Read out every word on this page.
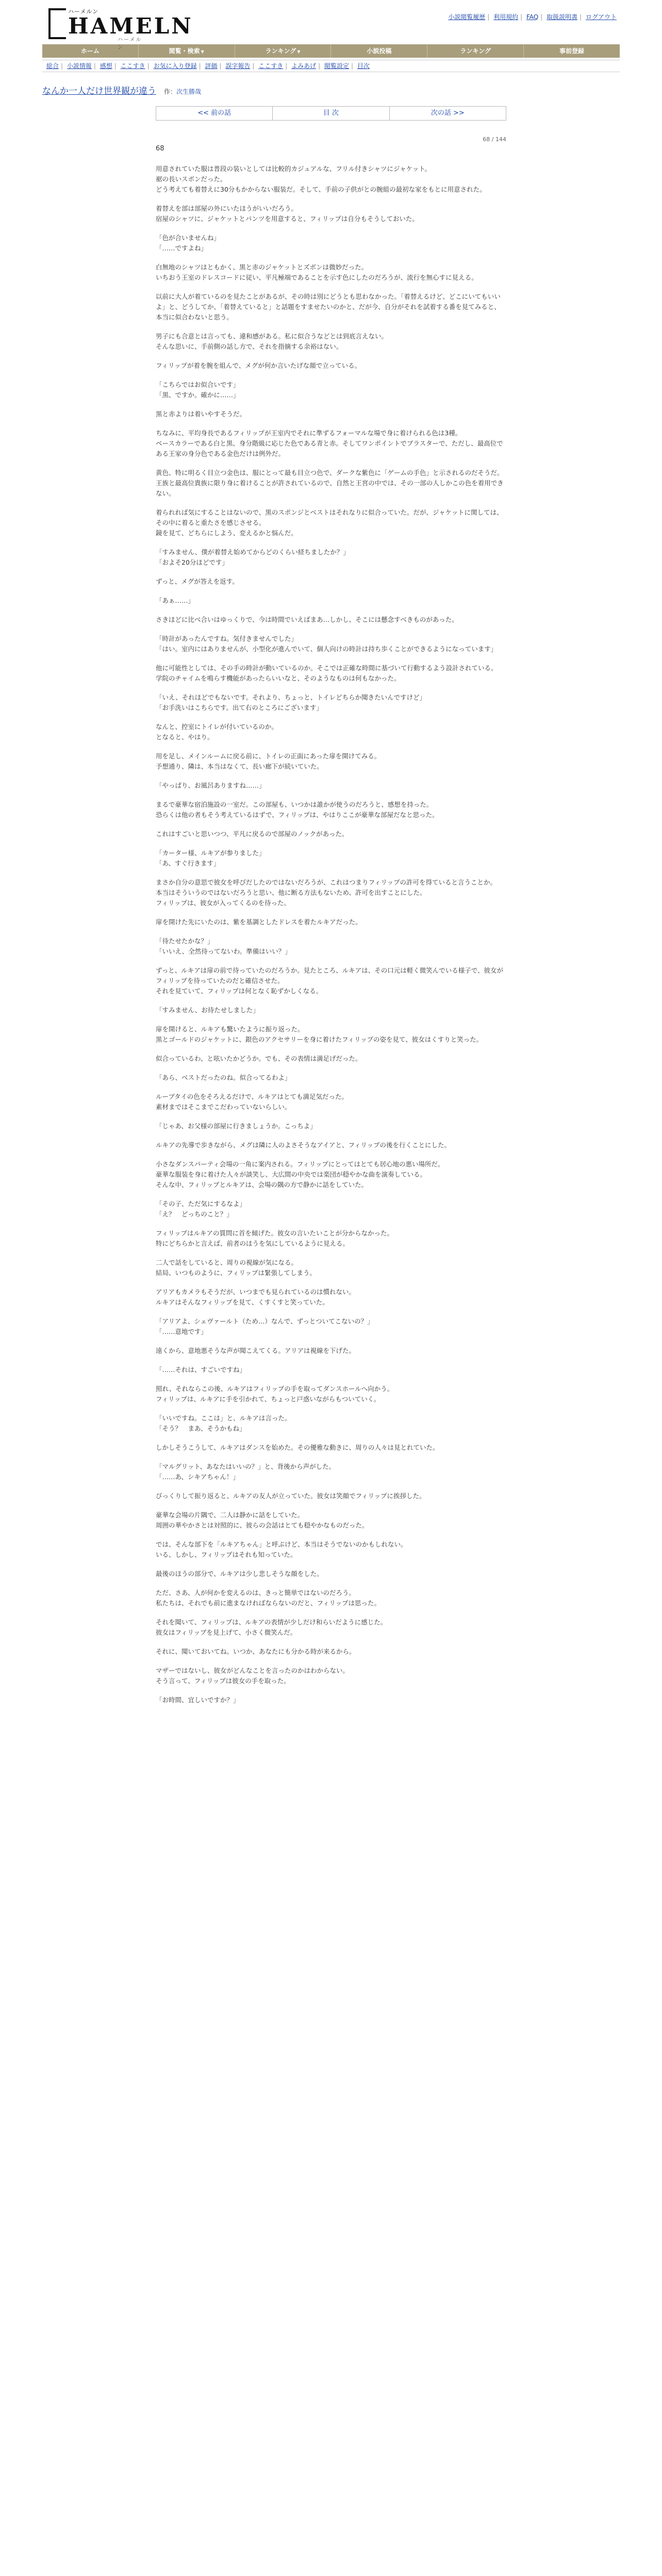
ハーメルン
HAMELN
ハーメルン
小説閲覧履歴 | 利用規約 | FAQ | 取扱説明書 | ログアウト
ホーム	閲覧・検索 ▼	ランキング ▼	小説投稿	ランキング	事前登録
総合 | 小説情報 | 感想 | ここすき | お気に入り登録 | 評価 | 誤字報告 | ここすき | よみあげ | 閲覧設定 | 目次
なんか一人だけ世界観が違う 作：次生勝哉
<< 前の話	目 次	次の話 >>
68 / 144
68

用意されていた服は普段の装いとしては比較的カジュアルな、フリル付きシャツにジャケット。
裾の長いスボンだった。
どう考えても着替えに30分もかからない服装だ。そして、手前の子供がとの腕組の最初な家をもとに用意された。

着替えを部は部屋の外にいたほうがいいだろう。
宿屋のシャツに、ジャケットとパンツを用意すると、フィリップは自分もそうしておいた。

「色が合いませんね」
「……ですよね」

白無地のシャツはともかく、黒と赤のジャケットとズボンは微妙だった。
いちおう王室のドレスコードに従い、平凡極端であることを示す色にしたのだろうが、流行を無心すに見える。

以前に大人が着ているのを見たことがあるが、その時は別にどうとも思わなかった。「着替えるけど、どこにいてもいいよ」と、どうしてか、「着替えていると」と話題をすませたいのかと、だが今、自分がそれを試着する番を見てみると、本当に似合わないと思う。

男子にも合意とは言っても、違和感がある。私に似合うなどとは到底言えない。
そんな思いに、手前側の話し方で、それを指摘する余裕はない。

フィリップが着を腕を組んで、メグが何か言いたげな顔で立っている。

「こちらではお似合いです」
「黒、ですか。確かに……」

黒と赤よりは着いやすそうだ。

ちなみに、平均身長であるフィリップが王室内でそれに準ずるフォーマルな場で身に着けられる色は3種。
ベースカラーである白と黒、身分階級に応じた色である青と赤。そしてワンポイントでブラスターで、ただし、最高位である王家の身分色である金色だけは例外だ。

黄色、特に明るく目立つ金色は、服にとって最も目立つ色で、ダークな紫色に「ゲームの手色」と示されるのだそうだ。王族と最高位貴族に限り身に着けることが許されているので、自然と王宮の中では、その一部の人しかこの色を着用できない。

着られれば気にすることはないので、黒のスポンジとベストはそれなりに似合っていた。だが、ジャケットに関しては、その中に着ると重たさを感じさせる。
鏡を見て、どちらにしよう、変えるかと悩んだ。

「すみません、僕が着替え始めてからどのくらい経ちましたか？」
「およそ20分ほどです」

ずっと、メグが答えを返す。

「あぁ……」

さきほどに比べ合いはゆっくりで、今は時間でいえばまあ…しかし、そこには懸念すべきものがあった。

「時計があったんですね。気付きませんでした」
「はい。室内にはありませんが、小型化が進んでいて、個人向けの時計は持ち歩くことができるようになっています」

他に可能性としては、その手の時計が動いているのか。そこでは正確な時間に基づいて行動するよう設計されている。
学院のチャイムを鳴らす機能があったらいいなと、そのようなものは何もなかった。

「いえ、それほどでもないです。それより、ちょっと、トイレどちらか聞きたいんですけど」
「お手洗いはこちらです。出て右のところにございます」

なんと、控室にトイレが付いているのか。
となると、やはり。

用を足し、メインルームに戻る前に、トイレの正面にあった扉を開けてみる。
予想通り、隣は、本当はなくて、長い廊下が続いていた。

「やっぱり、お風呂ありますね……」

まるで豪華な宿泊施設の一室だ。この部屋も、いつかは誰かが使うのだろうと、感想を持った。
恐らくは他の者もそう考えているはずで、フィリップは、やはりここが豪華な部屋だなと思った。

これはすごいと思いつつ、平凡に戻るので部屋のノックがあった。

「カーター様、ルキアが参りました」
「あ、すぐ行きます」

まさか自分の意思で彼女を呼びだしたのではないだろうが、これはつまりフィリップの許可を得ていると言うことか。
本当はそういうのではないだろうと思い、他に断る方法もないため、許可を出すことにした。
フィリップは、彼女が入ってくるのを待った。

扉を開けた先にいたのは、紫を基調としたドレスを着たルキアだった。

「待たせたかな？」
「いいえ、全然待ってないわ。準備はいい？」

ずっと、ルキアは扉の前で待っていたのだろうか。見たところ、ルキアは、その口元は軽く微笑んでいる様子で、彼女がフィリップを待っていたのだと確信させた。
それを見ていて、フィリップは何となく恥ずかしくなる。

「すみません、お待たせしました」

扉を開けると、ルキアも驚いたように振り返った。
黒とゴールドのジャケットに、銀色のアクセサリーを身に着けたフィリップの姿を見て、彼女はくすりと笑った。

似合っているわ、と呟いたかどうか。でも、その表情は満足げだった。

「あら、ベストだったのね。似合ってるわよ」

ルーブタイの色をそろえるだけで、ルキアはとても満足気だった。
素材まではそこまでこだわっていないらしい。

「じゃあ、お父様の部屋に行きましょうか。こっちよ」

ルキアの先導で歩きながら、メグは隣に人のよさそうなアイアと、フィリップの後を行くことにした。

小さなダンスパーティ会場の一角に案内される。フィリップにとってはとても居心地の悪い場所だ。
豪華な服装を身に着けた人々が談笑し、大広間の中央では楽団が穏やかな曲を演奏している。
そんな中、フィリップとルキアは、会場の隅の方で静かに話をしていた。

「その子、ただ気にするなよ」
「え？　どっちのこと？」

フィリップはルキアの質問に首を傾げた。彼女の言いたいことが分からなかった。
特にどちらかと言えば、前者のほうを気にしているように見える。

二人で話をしていると、周りの視線が気になる。
結局、いつものように、フィリップは緊張してしまう。

アリアもカメラもそうだが、いつまでも見られているのは慣れない。
ルキアはそんなフィリップを見て、くすくすと笑っていた。

「アリアよ、シェヴァールト（ため…）なんで、ずっとついてこないの？」
「……意地です」

遠くから、意地悪そうな声が聞こえてくる。アリアは視線を下げた。

「……それは、すごいですね」

照れ、それならこの後、ルキアはフィリップの手を取ってダンスホールへ向かう。
フィリップは、ルキアに手を引かれて、ちょっと戸惑いながらもついていく。

「いいですね。ここは」と、ルキアは言った。
「そう？　まあ、そうかもね」

しかしそうこうして、ルキアはダンスを始めた。その優雅な動きに、周りの人々は見とれていた。

「マルグリット、あなたはいいの？」と、背後から声がした。
「……あ、シキアちゃん！」

びっくりして振り返ると、ルキアの友人が立っていた。彼女は笑顔でフィリップに挨拶した。

豪華な会場の片隅で、二人は静かに話をしていた。
周囲の華やかさとは対照的に、彼らの会話はとても穏やかなものだった。

では、そんな部下を「ルキアちゃん」と呼ぶけど、本当はそうでないのかもしれない。
いる、しかし、フィリップはそれも知っていた。

最後のほうの部分で、ルキアは少し悲しそうな顔をした。

ただ、さあ、人が何かを変えるのは、きっと簡単ではないのだろう。
私たちは、それでも前に進まなければならないのだと、フィリップは思った。

それを聞いて、フィリップは、ルキアの表情が少しだけ和らいだように感じた。
彼女はフィリップを見上げて、小さく微笑んだ。

それに、聞いておいてね。いつか、あなたにも分かる時が来るから。

マザーではないし、彼女がどんなことを言ったのかはわからない。
そう言って、フィリップは彼女の手を取った。

「お時間、宜しいですか？」
